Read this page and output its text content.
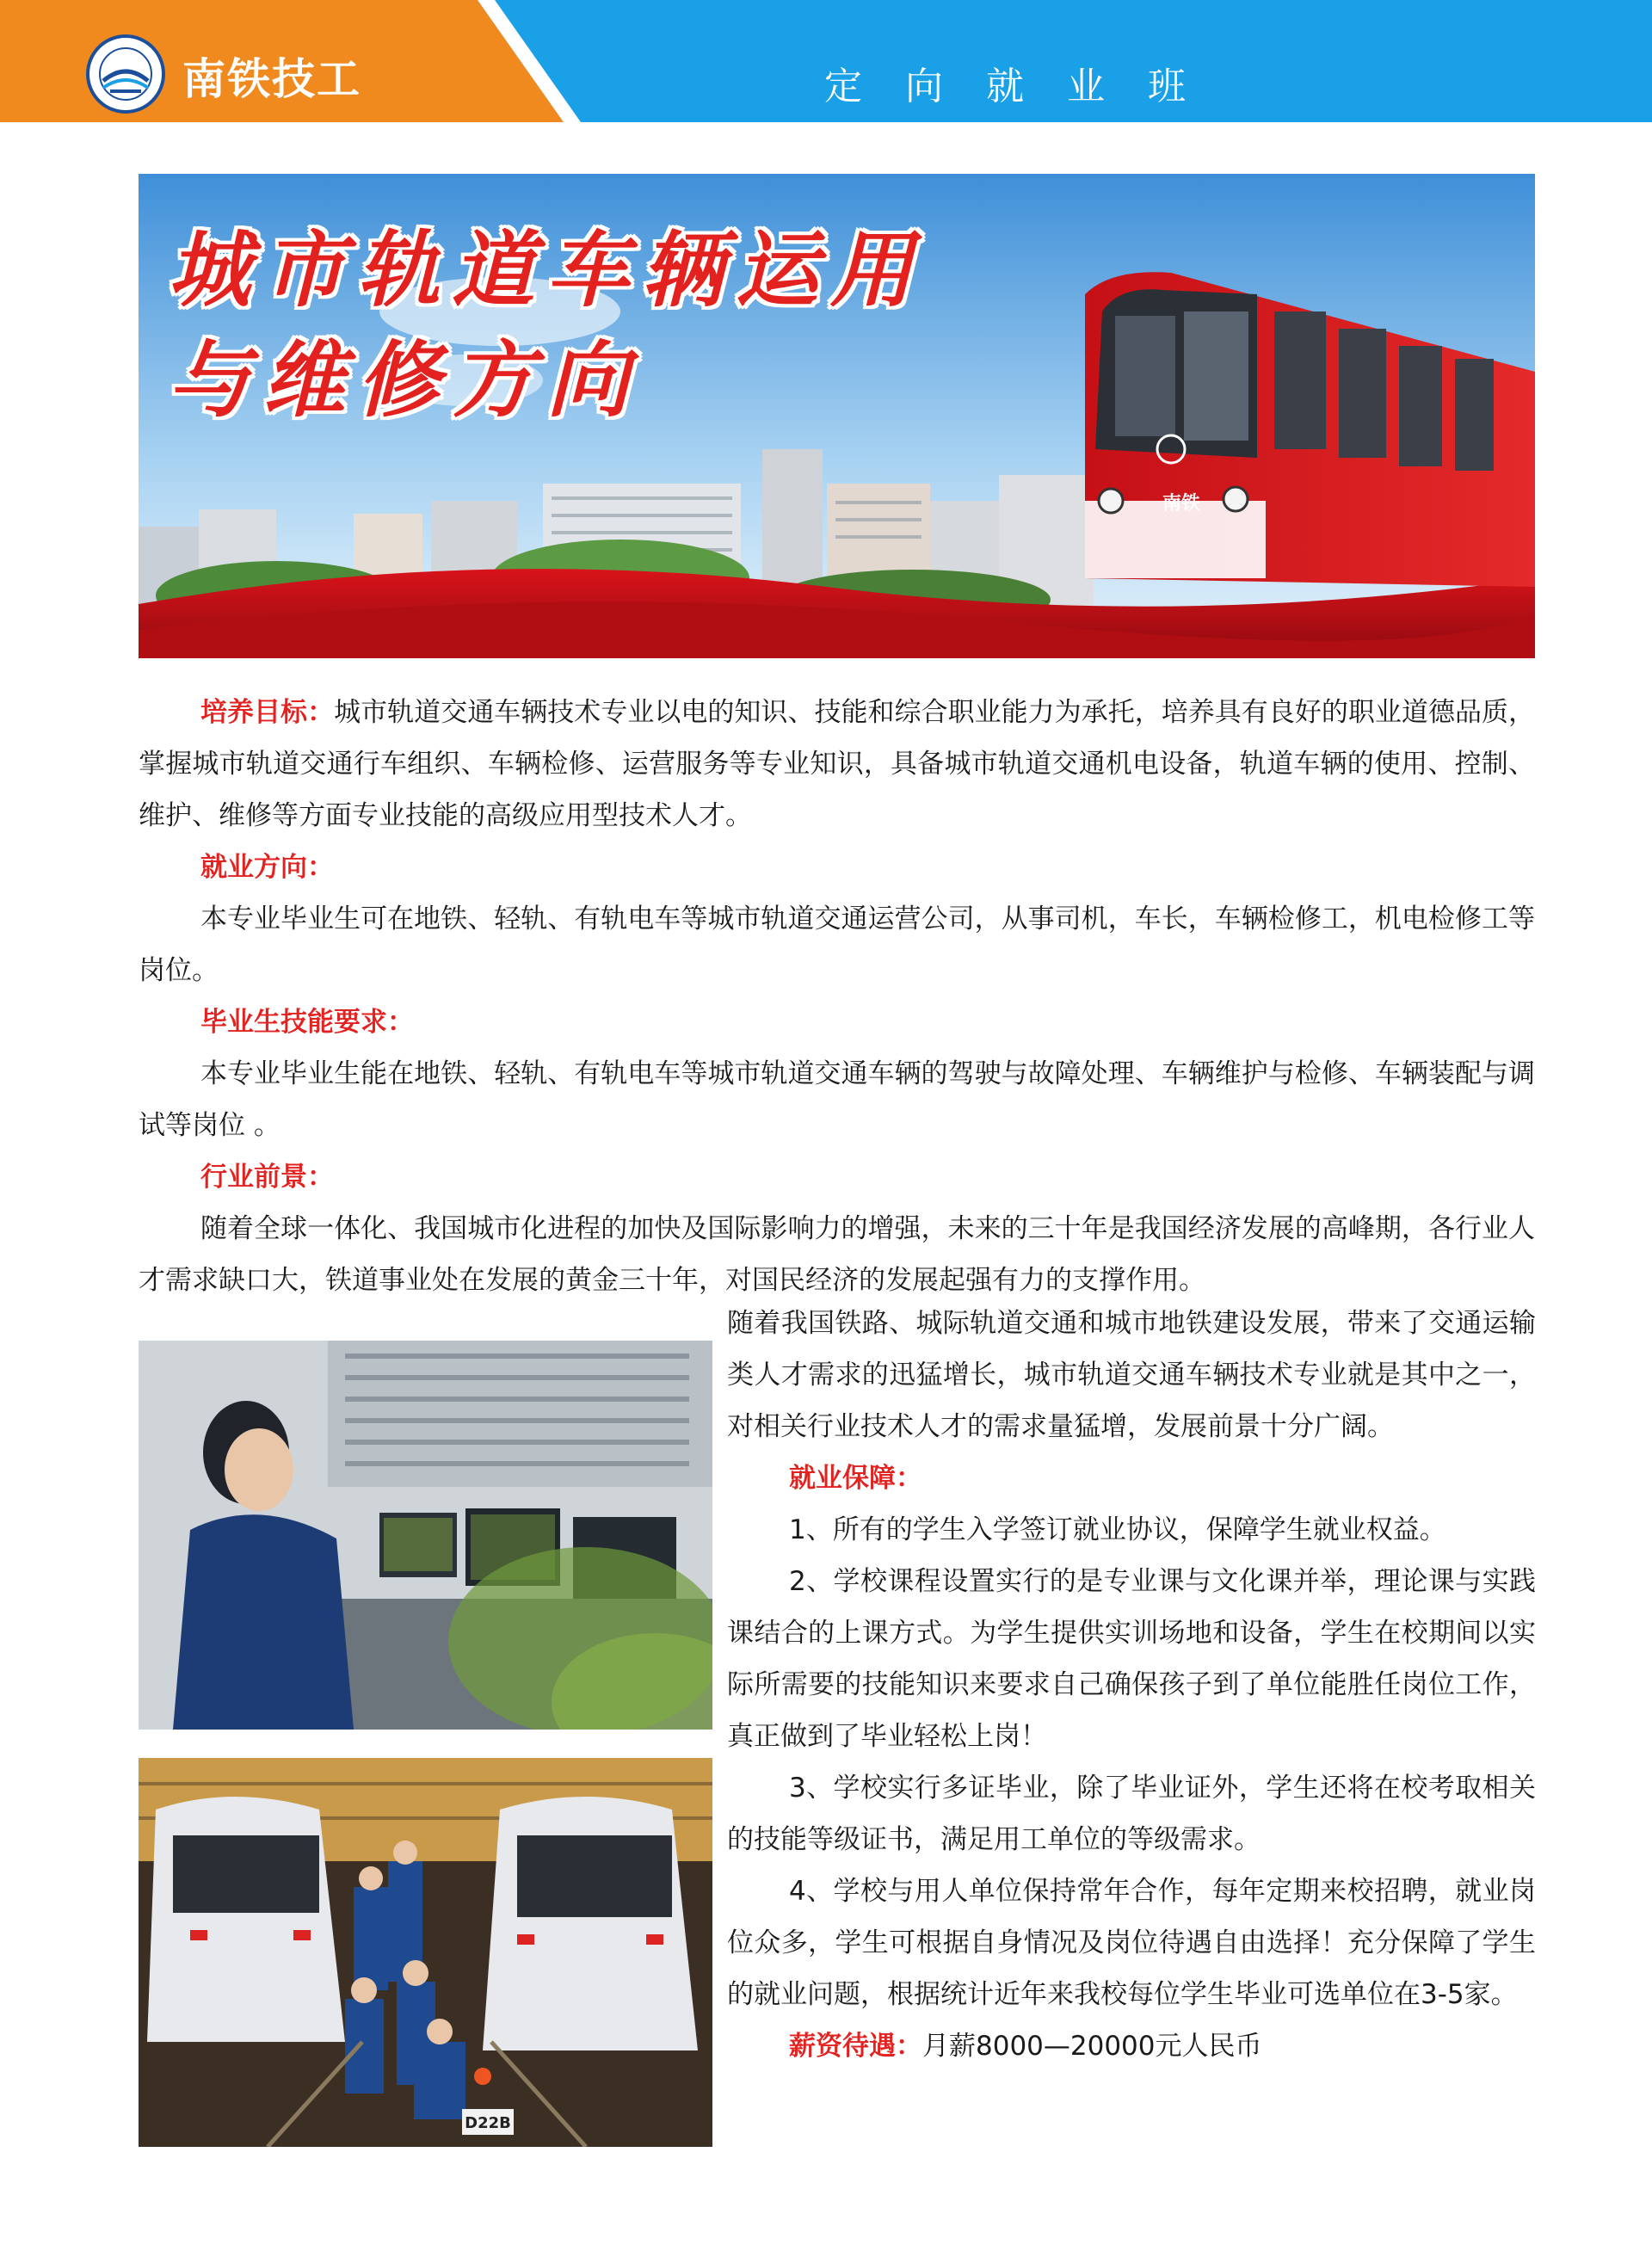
南铁技工	定向就业班
城市轨道车辆运用
与维修方向
南铁

培养目标：城市轨道交通车辆技术专业以电的知识、技能和综合职业能力为承托，培养具有良好的职业道德品质，掌握城市轨道交通行车组织、车辆检修、运营服务等专业知识，具备城市轨道交通机电设备，轨道车辆的使用、控制、维护、维修等方面专业技能的高级应用型技术人才。

就业方向：

本专业毕业生可在地铁、轻轨、有轨电车等城市轨道交通运营公司，从事司机，车长，车辆检修工，机电检修工等岗位。

毕业生技能要求：

本专业毕业生能在地铁、轻轨、有轨电车等城市轨道交通车辆的驾驶与故障处理、车辆维护与检修、车辆装配与调试等岗位 。

行业前景：

随着全球一体化、我国城市化进程的加快及国际影响力的增强，未来的三十年是我国经济发展的高峰期，各行业人才需求缺口大，铁道事业处在发展的黄金三十年，对国民经济的发展起强有力的支撑作用。

D22B

随着我国铁路、城际轨道交通和城市地铁建设发展，带来了交通运输类人才需求的迅猛增长，城市轨道交通车辆技术专业就是其中之一，对相关行业技术人才的需求量猛增，发展前景十分广阔。

就业保障：

1、所有的学生入学签订就业协议，保障学生就业权益。

2、学校课程设置实行的是专业课与文化课并举，理论课与实践课结合的上课方式。为学生提供实训场地和设备，学生在校期间以实际所需要的技能知识来要求自己确保孩子到了单位能胜任岗位工作，真正做到了毕业轻松上岗！

3、学校实行多证毕业，除了毕业证外，学生还将在校考取相关的技能等级证书，满足用工单位的等级需求。

4、学校与用人单位保持常年合作，每年定期来校招聘，就业岗位众多，学生可根据自身情况及岗位待遇自由选择！充分保障了学生的就业问题，根据统计近年来我校每位学生毕业可选单位在3-5家。

薪资待遇：月薪8000—20000元人民币
